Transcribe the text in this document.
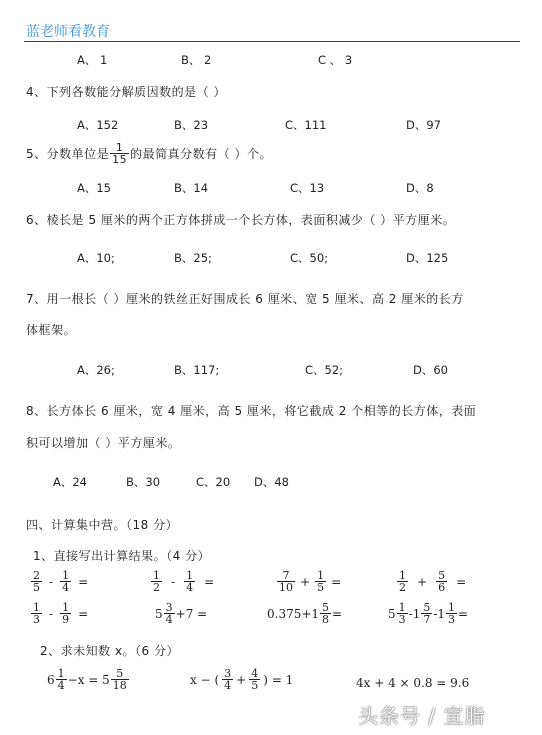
蓝老师看教育
A、 1	B、 2	C 、 3
4、下列各数能分解质因数的是（ ）
A、152	B、23	C、111	D、97
5、分数单位是 $\frac{1}{15}$ 的最简真分数有（ ）个。
A、15	B、14	C、13	D、8
6、棱长是 5 厘米的两个正方体拼成一个长方体，表面积减少（ ）平方厘米。
A、10;	B、25;	C、50;	D、125
7、用一根长（ ）厘米的铁丝正好围成长 6 厘米、宽 5 厘米、高 2 厘米的长方
体框架。
A、26;	B、117;	C、52;	D、60
8、长方体长 6 厘米，宽 4 厘米，高 5 厘米，将它截成 2 个相等的长方体，表面
积可以增加（ ）平方厘米。
A、24	B、30	C、20 D、48
四、计算集中营。（18 分）
1、直接写出计算结果。（4 分）
$\frac{2}{5} - \frac{1}{4}$ =	$\frac{1}{2} - \frac{1}{4}$ =	$\frac{7}{10} + \frac{1}{5}$ =	$\frac{1}{2} + \frac{5}{6}$ =
$\frac{1}{3} - \frac{1}{9}$ =	$5 \frac{3}{4} +7$ =	$0.375+1 \frac{5}{8}$ =	$5 \frac{1}{3} - 1 \frac{5}{7} - 1 \frac{1}{3}$ =
2、求未知数 x。（6 分）
$6 \frac{1}{4} -x = 5 \frac{5}{18}$	x − ( $\frac{3}{4} + \frac{4}{5}$ ) = 1	4x + 4 × 0.8 = 9.6
头条号 / 宣脂
